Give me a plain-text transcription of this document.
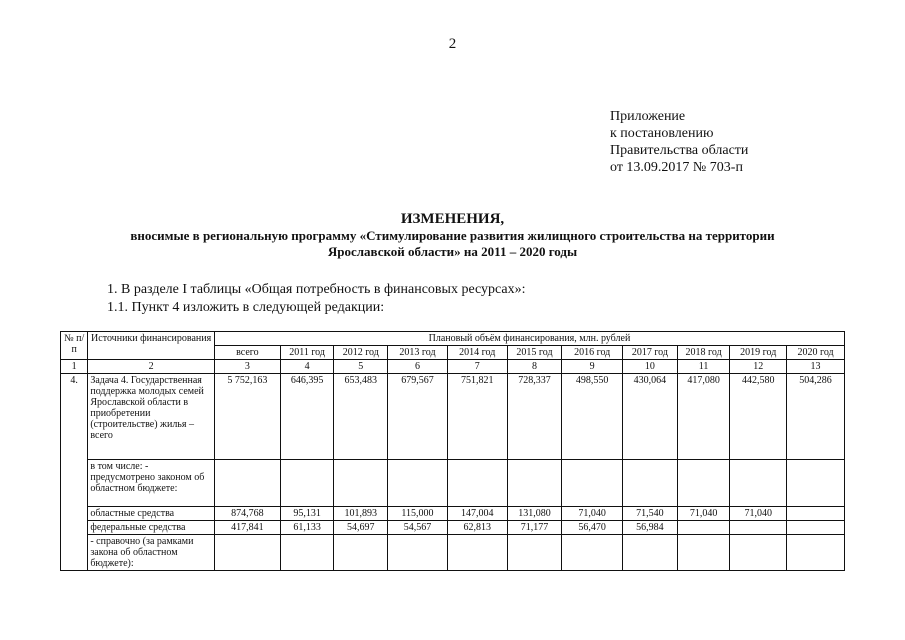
2
Приложение
к постановлению
Правительства области
от 13.09.2017 № 703-п
ИЗМЕНЕНИЯ,
вносимые в региональную программу «Стимулирование развития жилищного строительства на территории
Ярославской области» на 2011 – 2020 годы
1. В разделе I таблицы «Общая потребность в финансовых ресурсах»:
1.1. Пункт 4 изложить в следующей редакции:
№ п/п	Источники финансирования	Плановый объём финансирования, млн. рублей										
		всего	2011 год	2012 год	2013 год	2014 год	2015 год	2016 год	2017 год	2018 год	2019 год	2020 год
1	2	3	4	5	6	7	8	9	10	11	12	13
4.	Задача 4. Государственная поддержка молодых семей Ярославской области в приобретении (строительстве) жилья – всего	5 752,163	646,395	653,483	679,567	751,821	728,337	498,550	430,064	417,080	442,580	504,286
	в том числе: - предусмотрено законом об областном бюджете:											
	областные средства	874,768	95,131	101,893	115,000	147,004	131,080	71,040	71,540	71,040	71,040	
	федеральные средства	417,841	61,133	54,697	54,567	62,813	71,177	56,470	56,984			
	- справочно (за рамками закона об областном бюджете):											
